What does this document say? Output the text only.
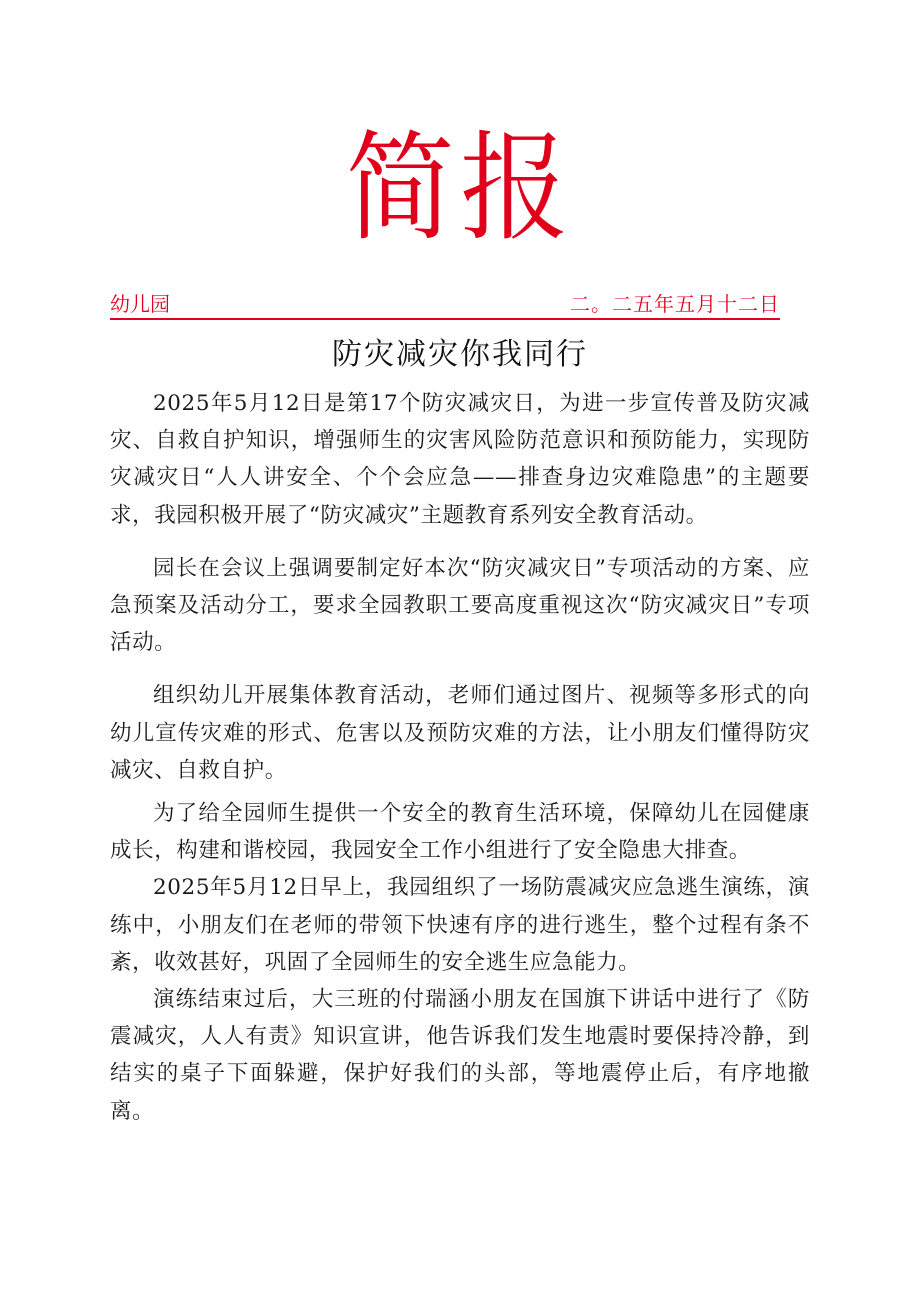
简报
幼儿园	二。二五年五月十二日
防灾减灾你我同行

2025年5月12日是第17个防灾减灾日，为进一步宣传普及防灾减灾、自救自护知识，增强师生的灾害风险防范意识和预防能力，实现防灾减灾日“人人讲安全、个个会应急——排查身边灾难隐患”的主题要求，我园积极开展了“防灾减灾”主题教育系列安全教育活动。

园长在会议上强调要制定好本次“防灾减灾日”专项活动的方案、应急预案及活动分工，要求全园教职工要高度重视这次“防灾减灾日”专项活动。

组织幼儿开展集体教育活动，老师们通过图片、视频等多形式的向幼儿宣传灾难的形式、危害以及预防灾难的方法，让小朋友们懂得防灾减灾、自救自护。

为了给全园师生提供一个安全的教育生活环境，保障幼儿在园健康成长，构建和谐校园，我园安全工作小组进行了安全隐患大排查。

2025年5月12日早上，我园组织了一场防震减灾应急逃生演练，演练中，小朋友们在老师的带领下快速有序的进行逃生，整个过程有条不紊，收效甚好，巩固了全园师生的安全逃生应急能力。

演练结束过后，大三班的付瑞涵小朋友在国旗下讲话中进行了《防震减灾，人人有责》知识宣讲，他告诉我们发生地震时要保持冷静，到结实的桌子下面躲避，保护好我们的头部，等地震停止后，有序地撤离。
